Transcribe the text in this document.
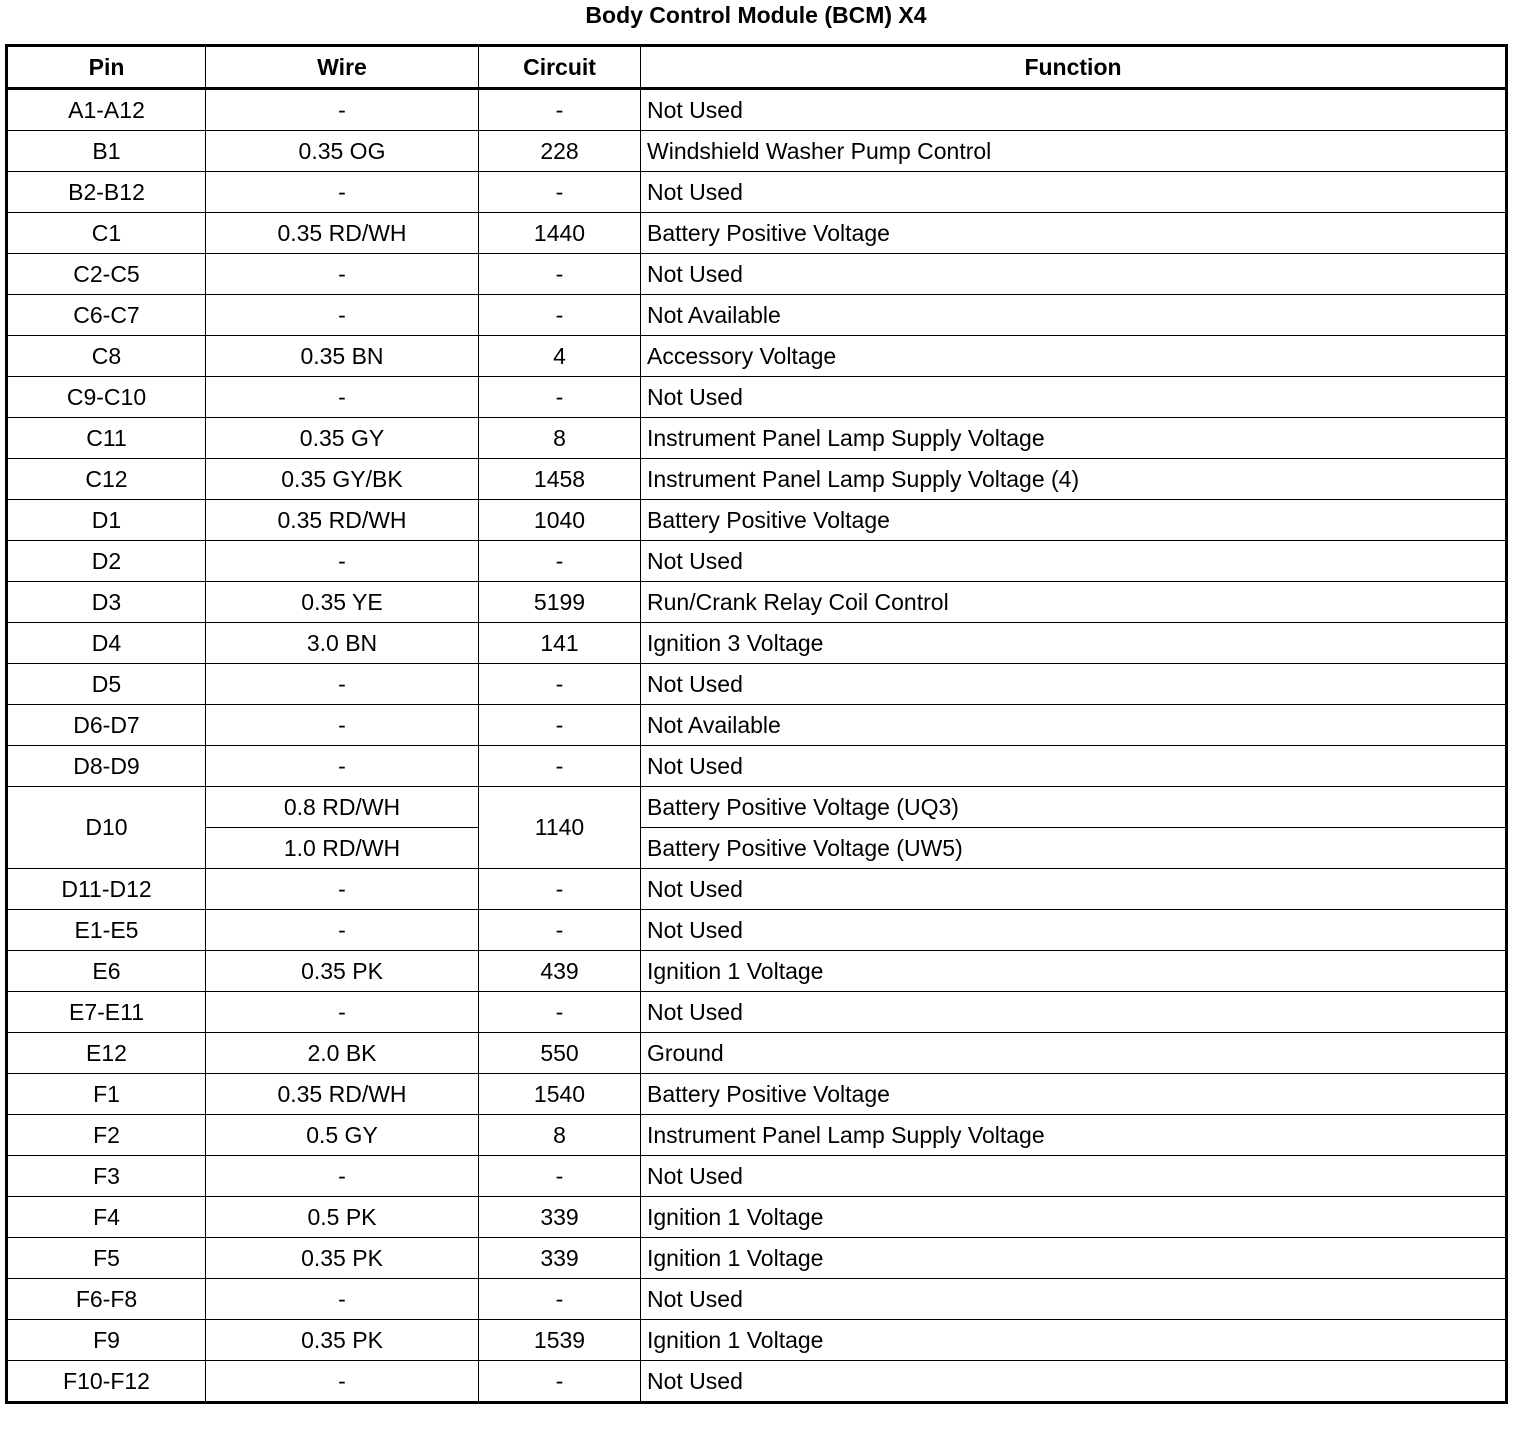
Body Control Module (BCM) X4
Pin	Wire	Circuit	Function
A1-A12	-	-	Not Used
B1	0.35 OG	228	Windshield Washer Pump Control
B2-B12	-	-	Not Used
C1	0.35 RD/WH	1440	Battery Positive Voltage
C2-C5	-	-	Not Used
C6-C7	-	-	Not Available
C8	0.35 BN	4	Accessory Voltage
C9-C10	-	-	Not Used
C11	0.35 GY	8	Instrument Panel Lamp Supply Voltage
C12	0.35 GY/BK	1458	Instrument Panel Lamp Supply Voltage (4)
D1	0.35 RD/WH	1040	Battery Positive Voltage
D2	-	-	Not Used
D3	0.35 YE	5199	Run/Crank Relay Coil Control
D4	3.0 BN	141	Ignition 3 Voltage
D5	-	-	Not Used
D6-D7	-	-	Not Available
D8-D9	-	-	Not Used
D10	0.8 RD/WH	1140	Battery Positive Voltage (UQ3)
	1.0 RD/WH		Battery Positive Voltage (UW5)
D11-D12	-	-	Not Used
E1-E5	-	-	Not Used
E6	0.35 PK	439	Ignition 1 Voltage
E7-E11	-	-	Not Used
E12	2.0 BK	550	Ground
F1	0.35 RD/WH	1540	Battery Positive Voltage
F2	0.5 GY	8	Instrument Panel Lamp Supply Voltage
F3	-	-	Not Used
F4	0.5 PK	339	Ignition 1 Voltage
F5	0.35 PK	339	Ignition 1 Voltage
F6-F8	-	-	Not Used
F9	0.35 PK	1539	Ignition 1 Voltage
F10-F12	-	-	Not Used
